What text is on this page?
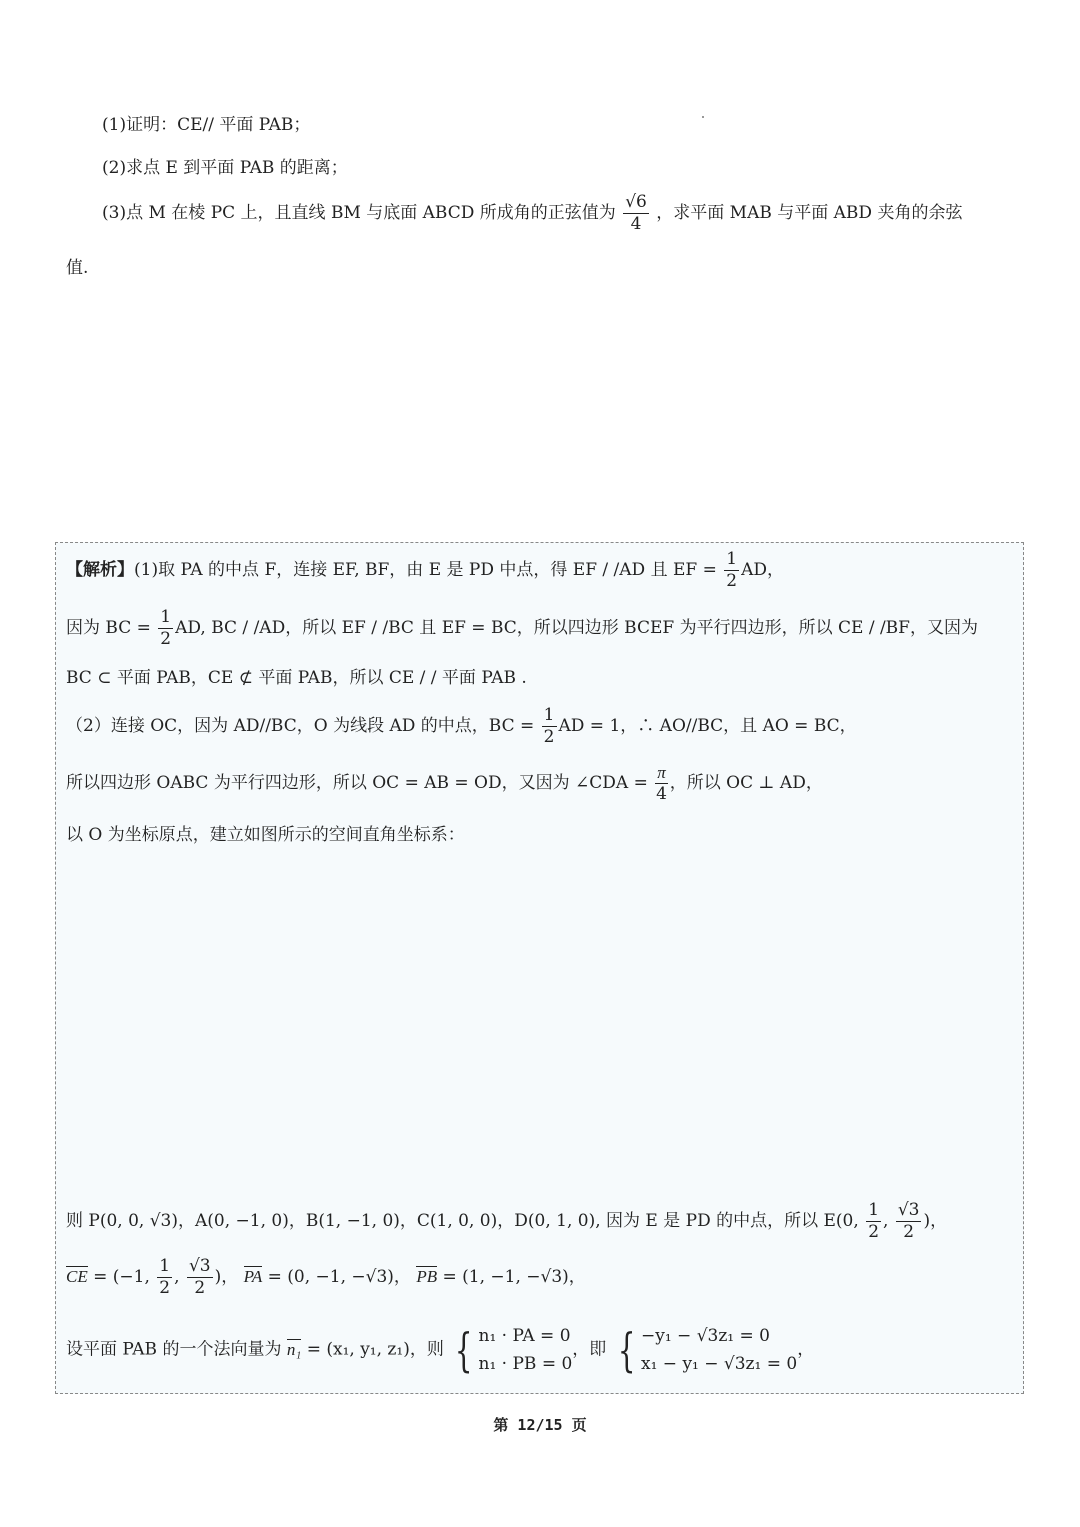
(1)证明：CE// 平面 PAB；
(2)求点 E 到平面 PAB 的距离；
(3)点 M 在棱 PC 上，且直线 BM 与底面 ABCD 所成角的正弦值为 $\frac{√6}{4}$ ，求平面 MAB 与平面 ABD 夹角的余弦
值.
【解析】(1)取 PA 的中点 F，连接 EF, BF，由 E 是 PD 中点，得 EF / /AD 且 EF = $\frac{1}{2}$ AD，
因为 BC = $\frac{1}{2}$ AD, BC / /AD，所以 EF / /BC 且 EF = BC，所以四边形 BCEF 为平行四边形，所以 CE / /BF，又因为
BC ⊂ 平面 PAB，CE ⊄ 平面 PAB，所以 CE / / 平面 PAB .
（2）连接 OC，因为 AD//BC，O 为线段 AD 的中点，BC = $\frac{1}{2}$ AD = 1，∴ AO//BC，且 AO = BC，
所以四边形 OABC 为平行四边形，所以 OC = AB = OD，又因为 ∠CDA = $\frac{\pi}{4}$ ，所以 OC ⊥ AD，
以 O 为坐标原点，建立如图所示的空间直角坐标系：
则 P(0, 0, √3)，A(0, −1, 0)，B(1, −1, 0)，C(1, 0, 0)，D(0, 1, 0), 因为 E 是 PD 的中点，所以 E(0, $\frac{1}{2}$ , $\frac{√3}{2}$ )，
CE = (−1, $\frac{1}{2}$ , $\frac{√3}{2}$ )， PA = (0, −1, −√3)， PB = (1, −1, −√3)，
设平面 PAB 的一个法向量为 n₁ = (x₁, y₁, z₁)，则 { n₁ · PA = 0
n₁ · PB = 0，即 { −y₁ − √3z₁ = 0
x₁ − y₁ − √3z₁ = 0，
第 12/15 页
